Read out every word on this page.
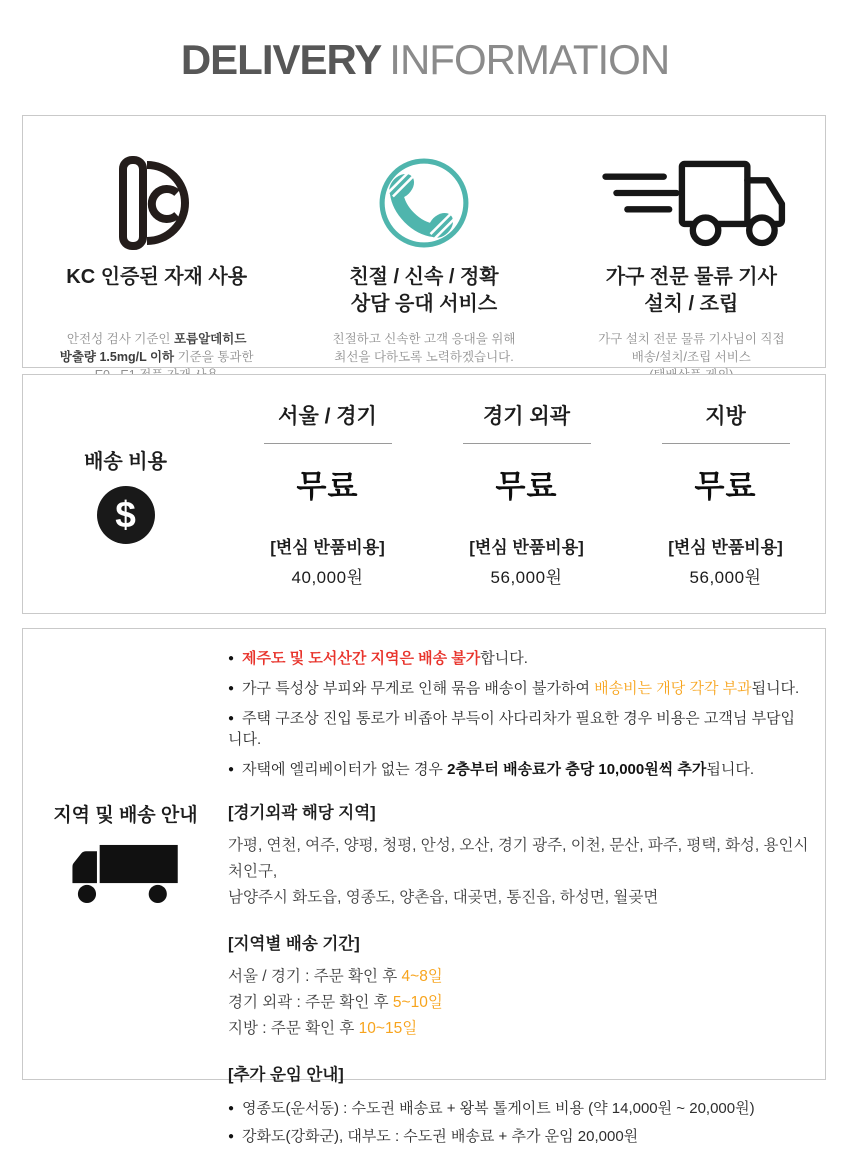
DELIVERY INFORMATION
KC 인증된 자재 사용
안전성 검사 기준인 포름알데히드
방출량 1.5mg/L 이하 기준을 통과한

친절 / 신속 / 정확
상담 응대 서비스
친절하고 신속한 고객 응대을 위해
최선을 다하도록 노력하겠습니다.
가구 전문 물류 기사
설치 / 조립
가구 설치 전문 물류 기사님이 직접
배송/설치/조립 서비스

배송 비용
$
서울 / 경기
무료
[변심 반품비용]
40,000원
경기 외곽
무료
[변심 반품비용]
56,000원
지방
무료
[변심 반품비용]
56,000원
지역 및 배송 안내
● 제주도 및 도서산간 지역은 배송 불가합니다.
● 가구 특성상 부피와 무게로 인해 묶음 배송이 불가하여 배송비는 개당 각각 부과됩니다.
● 주택 구조상 진입 통로가 비좁아 부득이 사다리차가 필요한 경우 비용은 고객님 부담입니다.
● 자택에 엘리베이터가 없는 경우 2층부터 배송료가 층당 10,000원씩 추가됩니다.
[경기외곽 해당 지역]
가평, 연천, 여주, 양평, 청평, 안성, 오산, 경기 광주, 이천, 문산, 파주, 평택, 화성, 용인시 처인구,
남양주시 화도읍, 영종도, 양촌읍, 대곶면, 통진읍, 하성면, 월곶면
[지역별 배송 기간]
서울 / 경기 : 주문 확인 후 4~8일
경기 외곽 : 주문 확인 후 5~10일
지방 : 주문 확인 후 10~15일
[추가 운임 안내]
● 영종도(운서동) : 수도권 배송료 + 왕복 톨게이트 비용 (약 14,000원 ~ 20,000원)
● 강화도(강화군), 대부도 : 수도권 배송료 + 추가 운임 20,000원
